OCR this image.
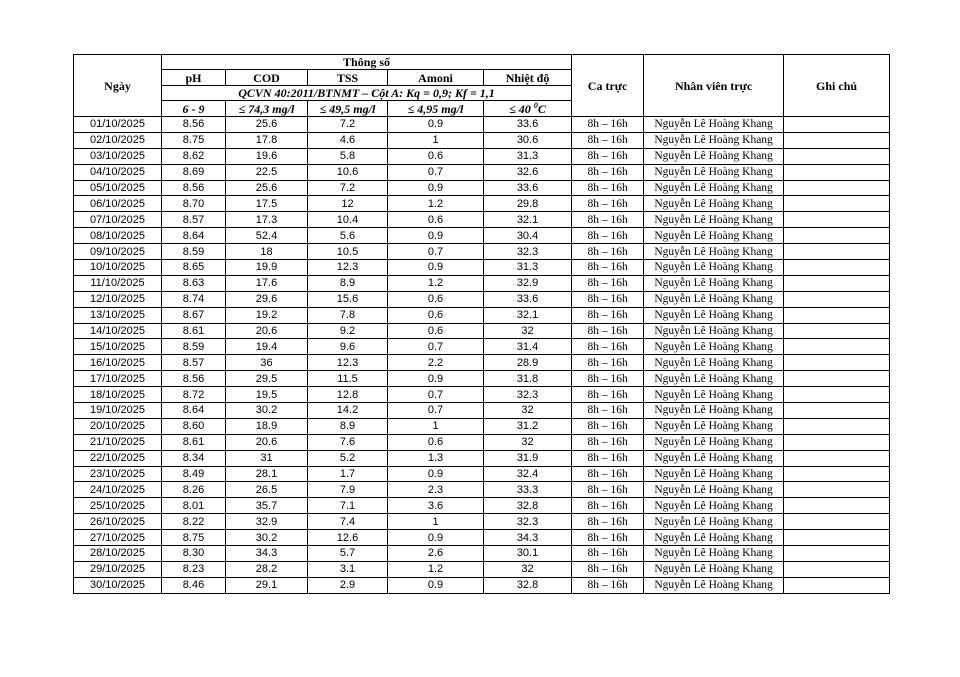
Ngày	Thông số					Ca trực	Nhân viên trực	Ghi chú
	pH	COD	TSS	Amoni	Nhiệt độ			
	QCVN 40:2011/BTNMT – Cột A: Kq = 0,9; Kf = 1,1							
	6 - 9	≤ 74,3 mg/l	≤ 49,5 mg/l	≤ 4,95 mg/l	≤ 40 $^0$C			
01/10/2025	8.56	25.6	7.2	0.9	33.6	8h – 16h	Nguyễn Lê Hoàng Khang	
02/10/2025	8.75	17.8	4.6	1	30.6	8h – 16h	Nguyễn Lê Hoàng Khang	
03/10/2025	8.62	19.6	5.8	0.6	31.3	8h – 16h	Nguyễn Lê Hoàng Khang	
04/10/2025	8.69	22.5	10.6	0.7	32.6	8h – 16h	Nguyễn Lê Hoàng Khang	
05/10/2025	8.56	25.6	7.2	0.9	33.6	8h – 16h	Nguyễn Lê Hoàng Khang	
06/10/2025	8.70	17.5	12	1.2	29.8	8h – 16h	Nguyễn Lê Hoàng Khang	
07/10/2025	8.57	17.3	10.4	0.6	32.1	8h – 16h	Nguyễn Lê Hoàng Khang	
08/10/2025	8.64	52.4	5.6	0.9	30.4	8h – 16h	Nguyễn Lê Hoàng Khang	
09/10/2025	8.59	18	10.5	0.7	32.3	8h – 16h	Nguyễn Lê Hoàng Khang	
10/10/2025	8.65	19.9	12.3	0.9	31.3	8h – 16h	Nguyễn Lê Hoàng Khang	
11/10/2025	8.63	17.6	8.9	1.2	32.9	8h – 16h	Nguyễn Lê Hoàng Khang	
12/10/2025	8.74	29.6	15.6	0.6	33.6	8h – 16h	Nguyễn Lê Hoàng Khang	
13/10/2025	8.67	19.2	7.8	0.6	32.1	8h – 16h	Nguyễn Lê Hoàng Khang	
14/10/2025	8.61	20.6	9.2	0.6	32	8h – 16h	Nguyễn Lê Hoàng Khang	
15/10/2025	8.59	19.4	9.6	0.7	31.4	8h – 16h	Nguyễn Lê Hoàng Khang	
16/10/2025	8.57	36	12.3	2.2	28.9	8h – 16h	Nguyễn Lê Hoàng Khang	
17/10/2025	8.56	29.5	11.5	0.9	31.8	8h – 16h	Nguyễn Lê Hoàng Khang	
18/10/2025	8.72	19.5	12.8	0.7	32.3	8h – 16h	Nguyễn Lê Hoàng Khang	
19/10/2025	8.64	30.2	14.2	0.7	32	8h – 16h	Nguyễn Lê Hoàng Khang	
20/10/2025	8.60	18.9	8.9	1	31.2	8h – 16h	Nguyễn Lê Hoàng Khang	
21/10/2025	8.61	20.6	7.6	0.6	32	8h – 16h	Nguyễn Lê Hoàng Khang	
22/10/2025	8.34	31	5.2	1.3	31.9	8h – 16h	Nguyễn Lê Hoàng Khang	
23/10/2025	8.49	28.1	1.7	0.9	32.4	8h – 16h	Nguyễn Lê Hoàng Khang	
24/10/2025	8.26	26.5	7.9	2.3	33.3	8h – 16h	Nguyễn Lê Hoàng Khang	
25/10/2025	8.01	35.7	7.1	3.6	32.8	8h – 16h	Nguyễn Lê Hoàng Khang	
26/10/2025	8.22	32.9	7.4	1	32.3	8h – 16h	Nguyễn Lê Hoàng Khang	
27/10/2025	8.75	30.2	12.6	0.9	34.3	8h – 16h	Nguyễn Lê Hoàng Khang	
28/10/2025	8.30	34.3	5.7	2.6	30.1	8h – 16h	Nguyễn Lê Hoàng Khang	
29/10/2025	8.23	28.2	3.1	1.2	32	8h – 16h	Nguyễn Lê Hoàng Khang	
30/10/2025	8.46	29.1	2.9	0.9	32.8	8h – 16h	Nguyễn Lê Hoàng Khang	
